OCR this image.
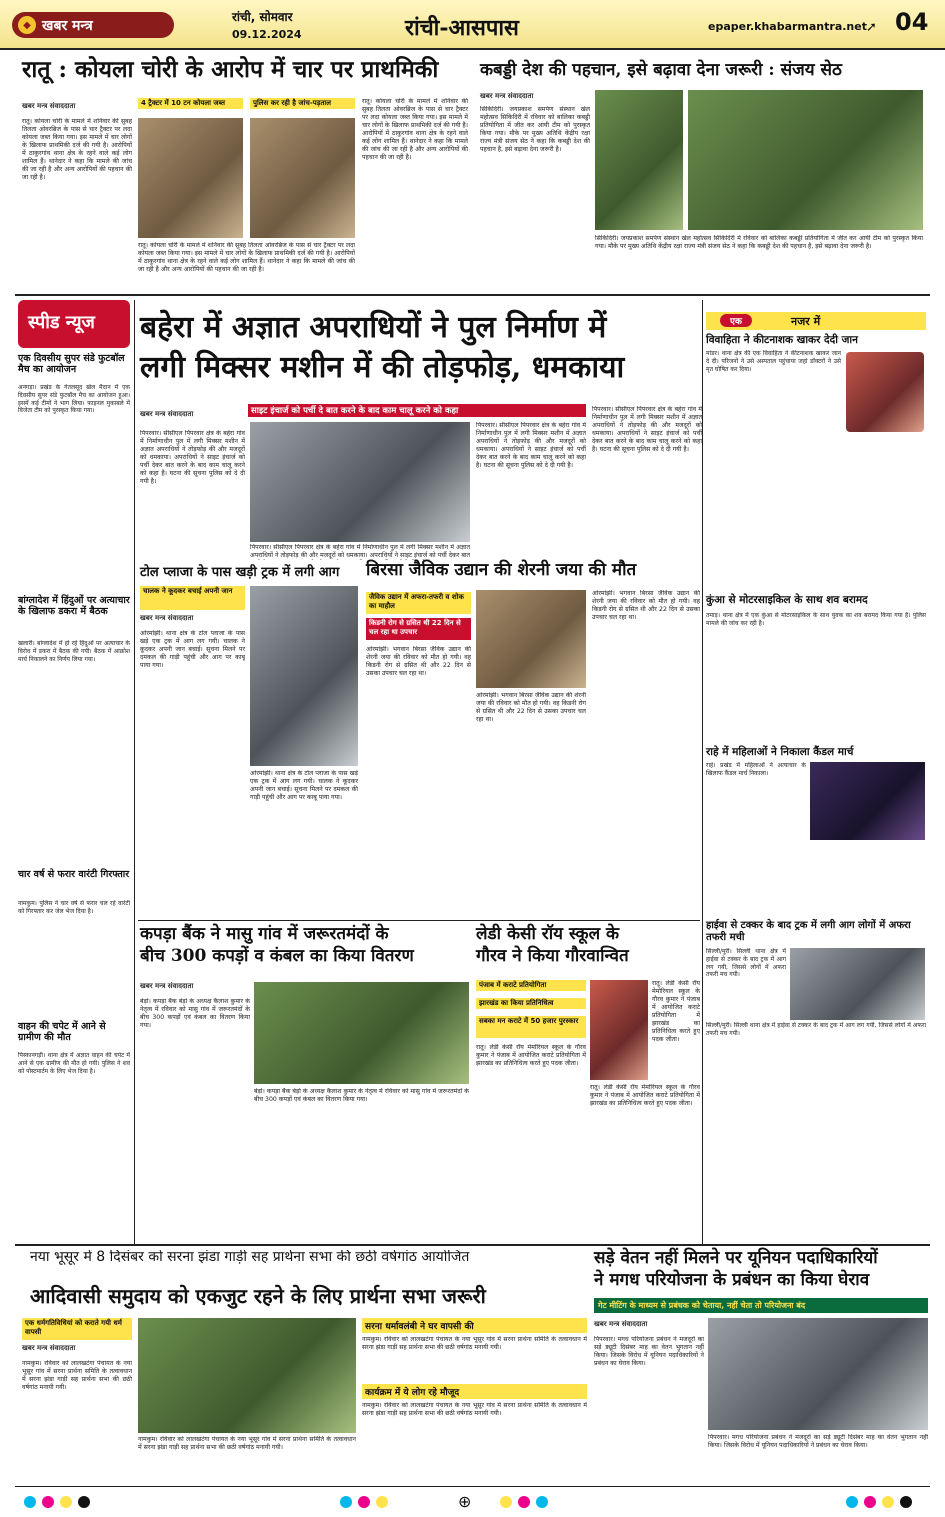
◆ खबर मन्त्र
रांची, सोमवार
09.12.2024	रांची-आसपास	epaper.khabarmantra.net ➚ 04
रातू : कोयला चोरी के आरोप में चार पर प्राथमिकी
खबर मन्त्र संवाददाता
रातू। कोयला चोरी के मामले में शनिवार की सुबह तिलता ओवरब्रिज के पास से चार ट्रैक्टर पर लदा कोयला जब्त किया गया। इस मामले में चार लोगों के खिलाफ प्राथमिकी दर्ज की गयी है। आरोपियों में ठाकुरगांव थाना क्षेत्र के रहने वाले कई लोग शामिल हैं। थानेदार ने कहा कि मामले की जांच की जा रही है और अन्य आरोपियों की पहचान की जा रही है।
4 ट्रैक्टर में 10 टन कोयला जब्त	पुलिस कर रही है जांच-पड़ताल
रातू। कोयला चोरी के मामले में शनिवार की सुबह तिलता ओवरब्रिज के पास से चार ट्रैक्टर पर लदा कोयला जब्त किया गया। इस मामले में चार लोगों के खिलाफ प्राथमिकी दर्ज की गयी है। आरोपियों में ठाकुरगांव थाना क्षेत्र के रहने वाले कई लोग शामिल हैं। थानेदार ने कहा कि मामले की जांच की जा रही है और अन्य आरोपियों की पहचान की जा रही है।
रातू। कोयला चोरी के मामले में शनिवार की सुबह तिलता ओवरब्रिज के पास से चार ट्रैक्टर पर लदा कोयला जब्त किया गया। इस मामले में चार लोगों के खिलाफ प्राथमिकी दर्ज की गयी है। आरोपियों में ठाकुरगांव थाना क्षेत्र के रहने वाले कई लोग शामिल हैं। थानेदार ने कहा कि मामले की जांच की जा रही है और अन्य आरोपियों की पहचान की जा रही है।
कबड्डी देश की पहचान, इसे बढ़ावा देना जरूरी : संजय सेठ
खबर मन्त्र संवाददाता
सिकिदिरी। जयप्रकाश समर्पण संस्थान खेल महोत्सव सिकिदिरी में रविवार को बालिका कबड्डी प्रतियोगिता में जीत कर आयी टीम को पुरस्कृत किया गया। मौके पर मुख्य अतिथि केंद्रीय रक्षा राज्य मंत्री संजय सेठ ने कहा कि कबड्डी देश की पहचान है, इसे बढ़ावा देना जरूरी है।
सिकिदिरी। जयप्रकाश समर्पण संस्थान खेल महोत्सव सिकिदिरी में रविवार को बालिका कबड्डी प्रतियोगिता में जीत कर आयी टीम को पुरस्कृत किया गया। मौके पर मुख्य अतिथि केंद्रीय रक्षा राज्य मंत्री संजय सेठ ने कहा कि कबड्डी देश की पहचान है, इसे बढ़ावा देना जरूरी है।
स्पीड न्यूज
एक दिवसीय सुपर संडे फुटबॉल मैच का आयोजन
अनगड़ा। प्रखंड के गेतलसूद खेल मैदान में एक दिवसीय सुपर संडे फुटबॉल मैच का आयोजन हुआ। इसमें कई टीमों ने भाग लिया। फाइनल मुकाबले में विजेता टीम को पुरस्कृत किया गया।
बांग्लादेश में हिंदुओं पर अत्याचार के खिलाफ डकरा में बैठक
खलारी। बांग्लादेश में हो रहे हिंदुओं पर अत्याचार के विरोध में डकरा में बैठक की गयी। बैठक में आक्रोश मार्च निकालने का निर्णय लिया गया।
चार वर्ष से फरार वारंटी गिरफ्तार
नामकुम। पुलिस ने चार वर्ष से फरार चल रहे वारंटी को गिरफ्तार कर जेल भेज दिया है।
वाहन की चपेट में आने से ग्रामीण की मौत
पिस्कानगड़ी। थाना क्षेत्र में अज्ञात वाहन की चपेट में आने से एक ग्रामीण की मौत हो गयी। पुलिस ने शव को पोस्टमार्टम के लिए भेज दिया है।
बहेरा में अज्ञात अपराधियों ने पुल निर्माण में
लगी मिक्सर मशीन में की तोड़फोड़, धमकाया
खबर मन्त्र संवाददाता	साइट इंचार्ज को पर्ची दे बात करने के बाद काम चालू करने को कहा
पिपरवार। सीसीएल पिपरवार क्षेत्र के बहेरा गांव में निर्माणाधीन पुल में लगी मिक्सर मशीन में अज्ञात अपराधियों ने तोड़फोड़ की और मजदूरों को धमकाया। अपराधियों ने साइट इंचार्ज को पर्ची देकर बात करने के बाद काम चालू करने को कहा है। घटना की सूचना पुलिस को दे दी गयी है।
पिपरवार। सीसीएल पिपरवार क्षेत्र के बहेरा गांव में निर्माणाधीन पुल में लगी मिक्सर मशीन में अज्ञात अपराधियों ने तोड़फोड़ की और मजदूरों को धमकाया। अपराधियों ने साइट इंचार्ज को पर्ची देकर बात
पिपरवार। सीसीएल पिपरवार क्षेत्र के बहेरा गांव में निर्माणाधीन पुल में लगी मिक्सर मशीन में अज्ञात अपराधियों ने तोड़फोड़ की और मजदूरों को धमकाया। अपराधियों ने साइट इंचार्ज को पर्ची देकर बात करने के बाद काम चालू करने को कहा है। घटना की सूचना पुलिस को दे दी गयी है।
पिपरवार। सीसीएल पिपरवार क्षेत्र के बहेरा गांव में निर्माणाधीन पुल में लगी मिक्सर मशीन में अज्ञात अपराधियों ने तोड़फोड़ की और मजदूरों को धमकाया। अपराधियों ने साइट इंचार्ज को पर्ची देकर बात करने के बाद काम चालू करने को कहा है। घटना की सूचना पुलिस को दे दी गयी है।
एक	नजर में
विवाहिता ने कीटनाशक खाकर देदी जान
मांडर। थाना क्षेत्र की एक विवाहिता ने कीटनाशक खाकर जान दे दी। परिजनों ने उसे अस्पताल पहुंचाया जहां डॉक्टरों ने उसे मृत घोषित कर दिया।
कुंआ से मोटरसाइकिल के साथ शव बरामद
तमाड़। थाना क्षेत्र में एक कुंआ से मोटरसाइकिल के साथ युवक का शव बरामद किया गया है। पुलिस मामले की जांच कर रही है।
राहे में महिलाओं ने निकाला कैंडल मार्च
राहे। प्रखंड में महिलाओं ने अत्याचार के खिलाफ कैंडल मार्च निकाला।
हाईवा से टक्कर के बाद ट्रक में लगी आग लोगों में अफरा तफरी मची
सिल्ली/मुरी। सिल्ली थाना क्षेत्र में हाईवा से टक्कर के बाद ट्रक में आग लग गयी, जिससे लोगों में अफरा तफरी मच गयी।
सिल्ली/मुरी। सिल्ली थाना क्षेत्र में हाईवा से टक्कर के बाद ट्रक में आग लग गयी, जिससे लोगों में अफरा तफरी मच गयी।
टोल प्लाजा के पास खड़ी ट्रक में लगी आग
चालक ने कूदकर बचाई अपनी जान
खबर मन्त्र संवाददाता
ओरमांझी। थाना क्षेत्र के टोल प्लाजा के पास खड़े एक ट्रक में आग लग गयी। चालक ने कूदकर अपनी जान बचाई। सूचना मिलने पर दमकल की गाड़ी पहुंची और आग पर काबू पाया गया।
ओरमांझी। थाना क्षेत्र के टोल प्लाजा के पास खड़े एक ट्रक में आग लग गयी। चालक ने कूदकर अपनी जान बचाई। सूचना मिलने पर दमकल की गाड़ी पहुंची और आग पर काबू पाया गया।
बिरसा जैविक उद्यान की शेरनी जया की मौत
जैविक उद्यान में अफरा-तफरी व शोक का माहौल
किडनी रोग से ग्रसित थी 22 दिन से चल रहा था उपचार
ओरमांझी। भगवान बिरसा जैविक उद्यान की शेरनी जया की रविवार को मौत हो गयी। वह किडनी रोग से ग्रसित थी और 22 दिन से उसका उपचार चल रहा था।
ओरमांझी। भगवान बिरसा जैविक उद्यान की शेरनी जया की रविवार को मौत हो गयी। वह किडनी रोग से ग्रसित थी और 22 दिन से उसका उपचार चल रहा था।
ओरमांझी। भगवान बिरसा जैविक उद्यान की शेरनी जया की रविवार को मौत हो गयी। वह किडनी रोग से ग्रसित थी और 22 दिन से उसका उपचार चल रहा था।
कपड़ा बैंक ने मासु गांव में जरूरतमंदों के
बीच 300 कपड़ों व कंबल का किया वितरण
खबर मन्त्र संवाददाता
बेड़ो। कपड़ा बैंक बेड़ो के अध्यक्ष कैलाश कुमार के नेतृत्व में रविवार को मासु गांव में जरूरतमंदों के बीच 300 कपड़ों एवं कंबल का वितरण किया गया।
बेड़ो। कपड़ा बैंक बेड़ो के अध्यक्ष कैलाश कुमार के नेतृत्व में रविवार को मासु गांव में जरूरतमंदों के बीच 300 कपड़ों एवं कंबल का वितरण किया गया।
लेडी केसी रॉय स्कूल के
गौरव ने किया गौरवान्वित
पंजाब में कराटे प्रतियोगिता
झारखंड का किया प्रतिनिधित्व
सबका मन कराटे में 50 हजार पुरस्कार
रातू। लेडी केसी रॉय मेमोरियल स्कूल के गौरव कुमार ने पंजाब में आयोजित कराटे प्रतियोगिता में झारखंड का प्रतिनिधित्व करते हुए पदक जीता।
रातू। लेडी केसी रॉय मेमोरियल स्कूल के गौरव कुमार ने पंजाब में आयोजित कराटे प्रतियोगिता में झारखंड का प्रतिनिधित्व करते हुए पदक जीता।
रातू। लेडी केसी रॉय मेमोरियल स्कूल के गौरव कुमार ने पंजाब में आयोजित कराटे प्रतियोगिता में झारखंड का प्रतिनिधित्व करते हुए पदक जीता।
नया भूसूर में 8 दिसंबर को सरना झंडा गाड़ी सह प्रार्थना सभा की छठी वर्षगांठ आयोजित
आदिवासी समुदाय को एकजुट रहने के लिए प्रार्थना सभा जरूरी
एक धर्मगतिविधियां को कराते गयी धर्म वापसी
खबर मन्त्र संवाददाता
नामकुम। रविवार को लालखटंगा पंचायत के नया भूसूर गांव में सरना प्रार्थना समिति के तत्वावधान में सरना झंडा गाड़ी सह प्रार्थना सभा की छठी वर्षगांठ मनायी गयी।
नामकुम। रविवार को लालखटंगा पंचायत के नया भूसूर गांव में सरना प्रार्थना समिति के तत्वावधान में सरना झंडा गाड़ी सह प्रार्थना सभा की छठी वर्षगांठ मनायी गयी।
सरना धर्मावलंबी ने घर वापसी की
नामकुम। रविवार को लालखटंगा पंचायत के नया भूसूर गांव में सरना प्रार्थना समिति के तत्वावधान में सरना झंडा गाड़ी सह प्रार्थना सभा की छठी वर्षगांठ मनायी गयी।
कार्यक्रम में ये लोग रहे मौजूद
नामकुम। रविवार को लालखटंगा पंचायत के नया भूसूर गांव में सरना प्रार्थना समिति के तत्वावधान में सरना झंडा गाड़ी सह प्रार्थना सभा की छठी वर्षगांठ मनायी गयी।
सड़े वेतन नहीं मिलने पर यूनियन पदाधिकारियों
ने मगध परियोजना के प्रबंधन का किया घेराव
गेट मीटिंग के माध्यम से प्रबंधक को चेताया, नहीं चेता तो परियोजना बंद
खबर मन्त्र संवाददाता
पिपरवार। मगध परियोजना प्रबंधन ने मजदूरों का सड़े ड्यूटी दिसंबर माह का वेतन भुगतान नहीं किया। जिसके विरोध में यूनियन पदाधिकारियों ने प्रबंधन का घेराव किया।
पिपरवार। मगध परियोजना प्रबंधन ने मजदूरों का सड़े ड्यूटी दिसंबर माह का वेतन भुगतान नहीं किया। जिसके विरोध में यूनियन पदाधिकारियों ने प्रबंधन का घेराव किया।
⊕
